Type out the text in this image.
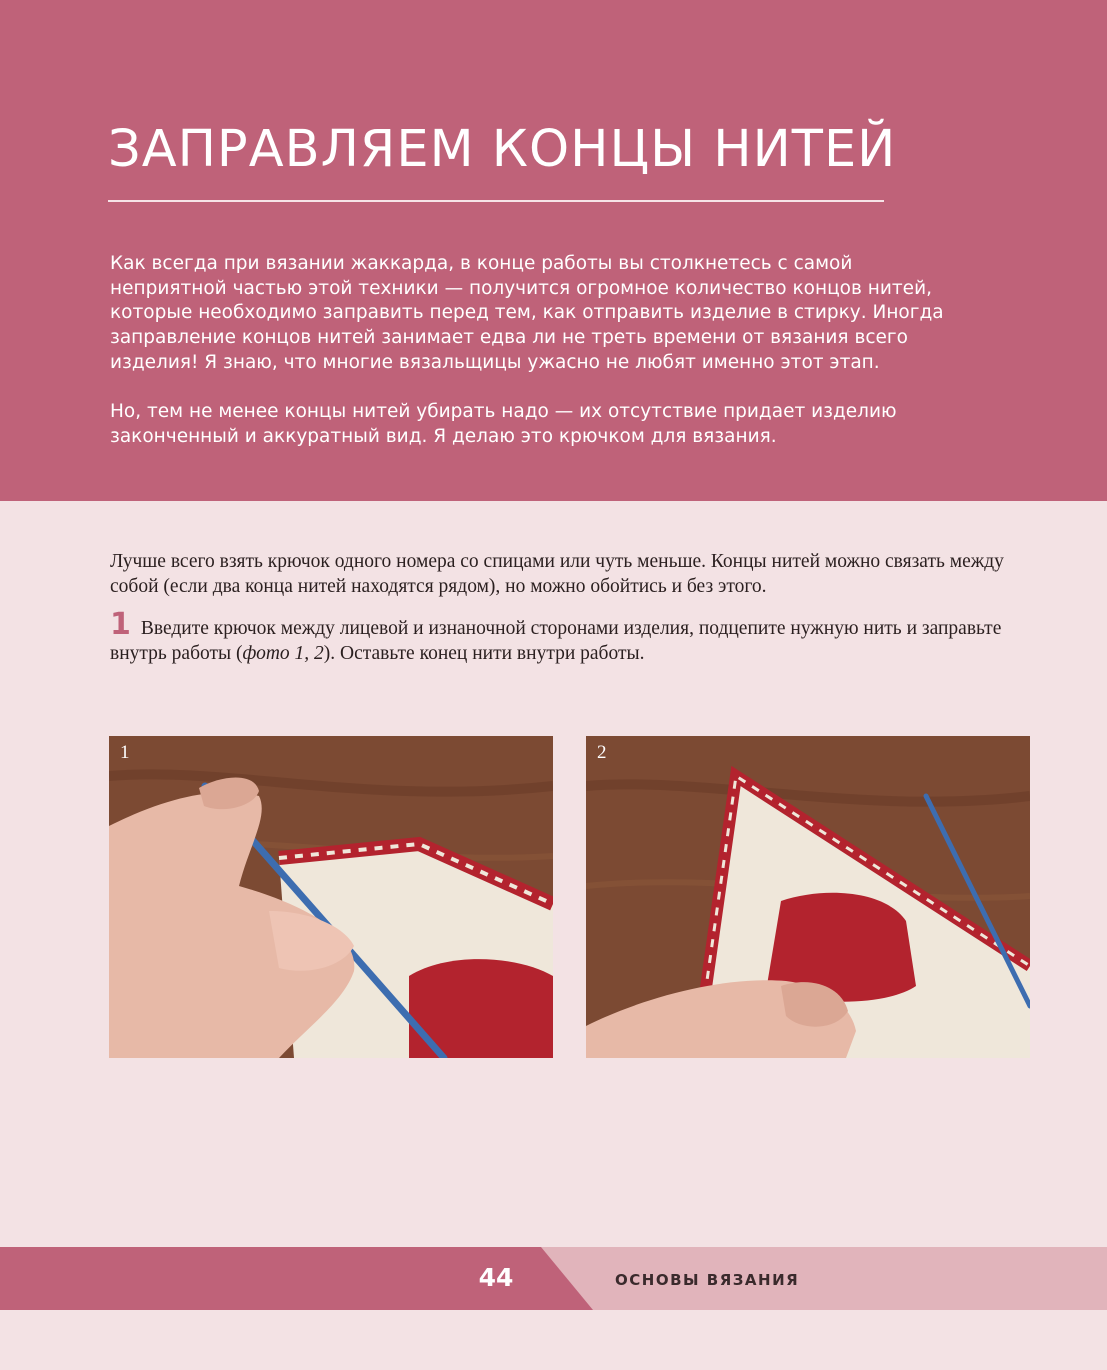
ЗАПРАВЛЯЕМ КОНЦЫ НИТЕЙ

Как всегда при вязании жаккарда, в конце работы вы столкнетесь с самой неприятной частью этой техники — получится огромное количество концов нитей, которые необходимо заправить перед тем, как отправить изделие в стирку. Иногда заправление концов нитей занимает едва ли не треть времени от вязания всего изделия! Я знаю, что многие вязальщицы ужасно не любят именно этот этап.

Но, тем не менее концы нитей убирать надо — их отсутствие придает изделию законченный и аккуратный вид. Я делаю это крючком для вязания.

Лучше всего взять крючок одного номера со спицами или чуть меньше. Концы нитей можно связать между собой (если два конца нитей находятся рядом), но можно обойтись и без этого.

1 Введите крючок между лицевой и изнаночной сторонами изделия, подцепите нужную нить и заправьте внутрь работы (фото 1, 2). Оставьте конец нити внутри работы.

1	2
44	ОСНОВЫ ВЯЗАНИЯ
